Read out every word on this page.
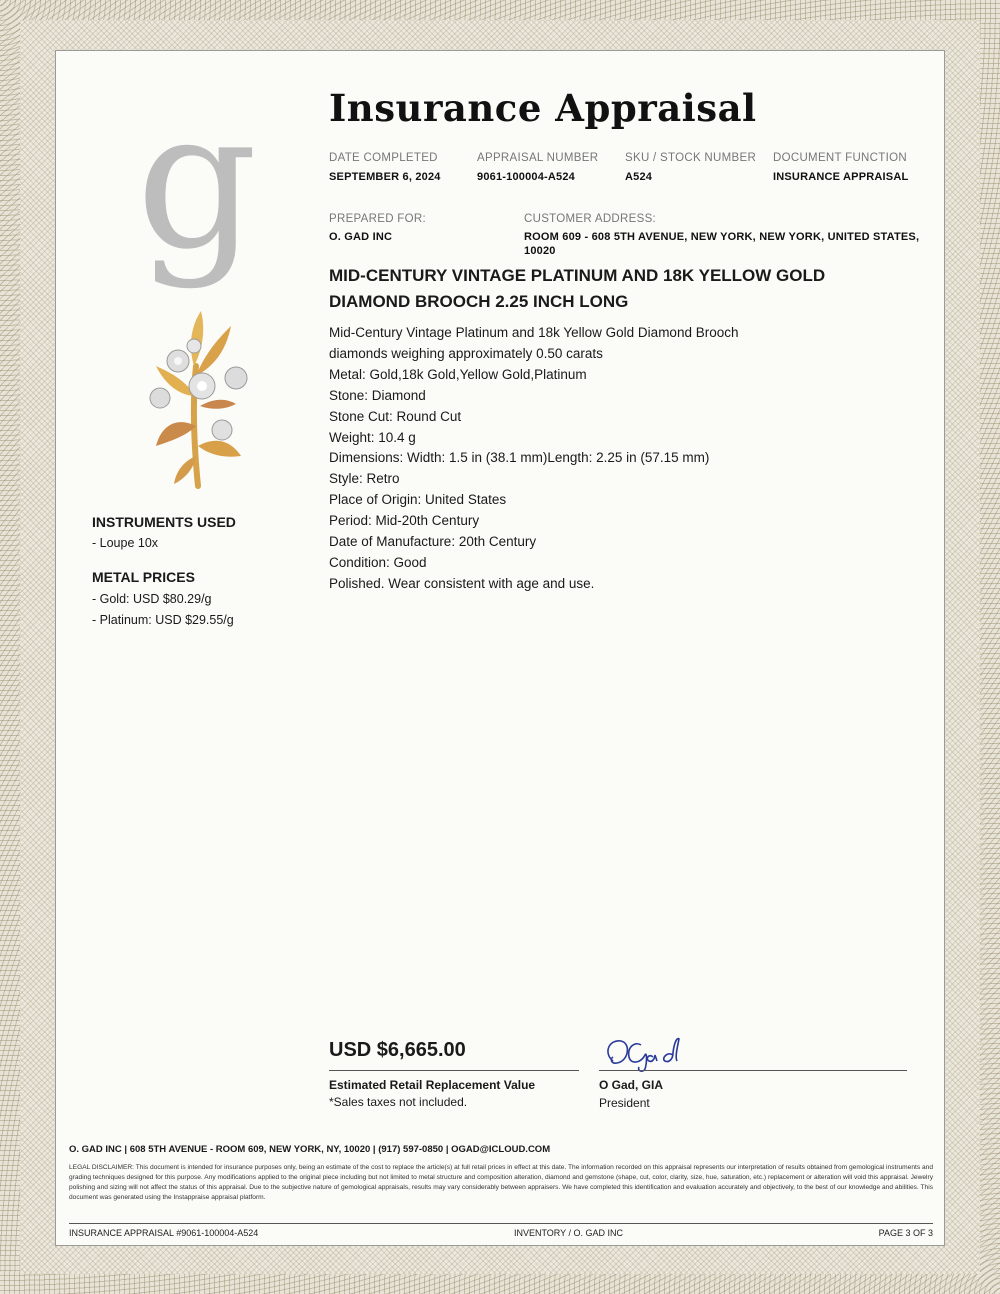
g Insurance Appraisal
DATE COMPLETED
SEPTEMBER 6, 2024
APPRAISAL NUMBER
9061-100004-A524
SKU / STOCK NUMBER
A524
DOCUMENT FUNCTION
INSURANCE APPRAISAL
PREPARED FOR:
O. GAD INC
CUSTOMER ADDRESS:
ROOM 609 - 608 5TH AVENUE, NEW YORK, NEW YORK, UNITED STATES,
10020
MID-CENTURY VINTAGE PLATINUM AND 18K YELLOW GOLD
DIAMOND BROOCH 2.25 INCH LONG
Mid-Century Vintage Platinum and 18k Yellow Gold Diamond Brooch
diamonds weighing approximately 0.50 carats
Metal: Gold,18k Gold,Yellow Gold,Platinum
Stone: Diamond
Stone Cut: Round Cut
Weight: 10.4 g
Dimensions: Width: 1.5 in (38.1 mm)Length: 2.25 in (57.15 mm)
Style: Retro
Place of Origin: United States
Period: Mid-20th Century
Date of Manufacture: 20th Century
Condition: Good
Polished. Wear consistent with age and use.
INSTRUMENTS USED
- Loupe 10x
METAL PRICES
- Gold: USD $80.29/g
- Platinum: USD $29.55/g
USD $6,665.00
Estimated Retail Replacement Value
*Sales taxes not included.
O Gad, GIA
President
O. GAD INC | 608 5TH AVENUE - ROOM 609, NEW YORK, NY, 10020 | (917) 597-0850 | OGAD@ICLOUD.COM
LEGAL DISCLAIMER: This document is intended for insurance purposes only, being an estimate of the cost to replace the article(s) at full retail prices in effect at this date. The information recorded on this appraisal represents our interpretation of results obtained from gemological instruments and grading techniques designed for this purpose. Any modifications applied to the original piece including but not limited to metal structure and composition alteration, diamond and gemstone (shape, cut, color, clarity, size, hue, saturation, etc.) replacement or alteration will void this appraisal. Jewelry polishing and sizing will not affect the status of this appraisal. Due to the subjective nature of gemological appraisals, results may vary considerably between appraisers. We have completed this identification and evaluation accurately and objectively, to the best of our knowledge and abilities. This document was generated using the Instappraise appraisal platform.
INSURANCE APPRAISAL #9061-100004-A524	INVENTORY / O. GAD INC	PAGE 3 OF 3
